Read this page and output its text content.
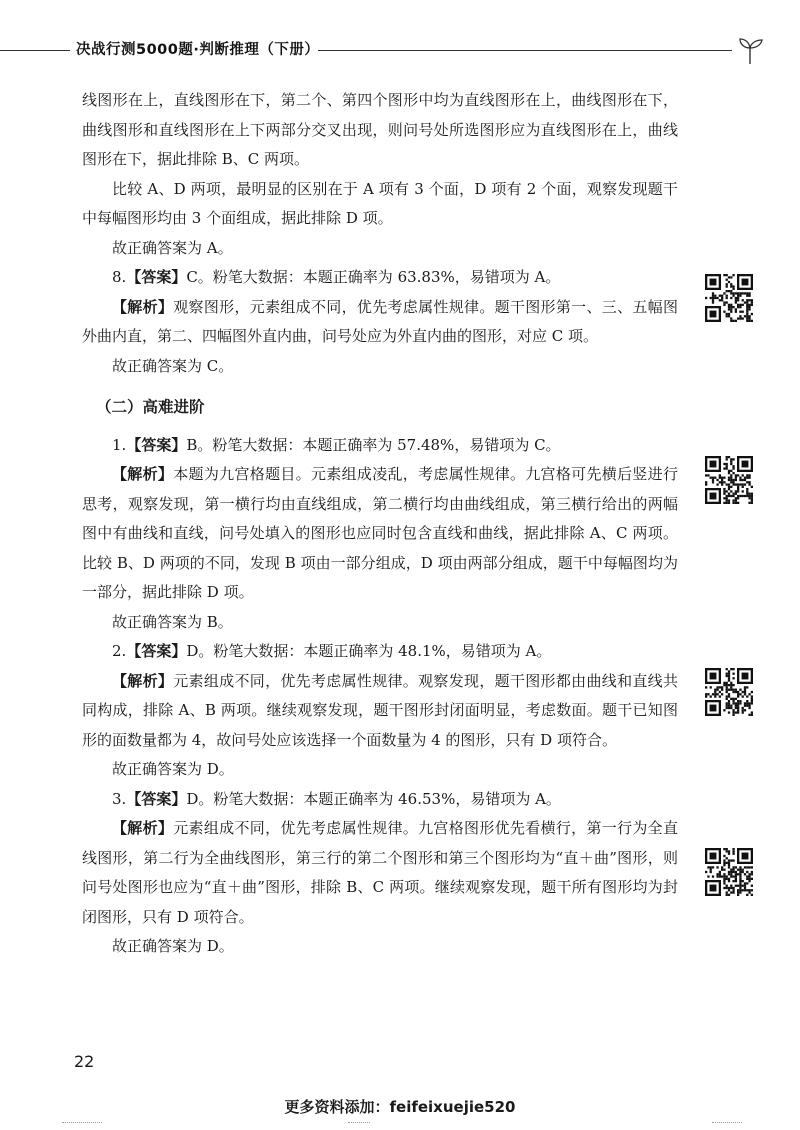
决战行测5000题·判断推理（下册）

线图形在上，直线图形在下，第二个、第四个图形中均为直线图形在上，曲线图形在下，曲线图形和直线图形在上下两部分交叉出现，则问号处所选图形应为直线图形在上，曲线图形在下，据此排除 B、C 两项。

比较 A、D 两项，最明显的区别在于 A 项有 3 个面，D 项有 2 个面，观察发现题干中每幅图形均由 3 个面组成，据此排除 D 项。

故正确答案为 A。

8.【答案】C。粉笔大数据：本题正确率为 63.83%，易错项为 A。

【解析】观察图形，元素组成不同，优先考虑属性规律。题干图形第一、三、五幅图外曲内直，第二、四幅图外直内曲，问号处应为外直内曲的图形，对应 C 项。

故正确答案为 C。

（二）高难进阶

1.【答案】B。粉笔大数据：本题正确率为 57.48%，易错项为 C。

【解析】本题为九宫格题目。元素组成凌乱，考虑属性规律。九宫格可先横后竖进行思考，观察发现，第一横行均由直线组成，第二横行均由曲线组成，第三横行给出的两幅图中有曲线和直线，问号处填入的图形也应同时包含直线和曲线，据此排除 A、C 两项。比较 B、D 两项的不同，发现 B 项由一部分组成，D 项由两部分组成，题干中每幅图均为一部分，据此排除 D 项。

故正确答案为 B。

2.【答案】D。粉笔大数据：本题正确率为 48.1%，易错项为 A。

【解析】元素组成不同，优先考虑属性规律。观察发现，题干图形都由曲线和直线共同构成，排除 A、B 两项。继续观察发现，题干图形封闭面明显，考虑数面。题干已知图形的面数量都为 4，故问号处应该选择一个面数量为 4 的图形，只有 D 项符合。

故正确答案为 D。

3.【答案】D。粉笔大数据：本题正确率为 46.53%，易错项为 A。

【解析】元素组成不同，优先考虑属性规律。九宫格图形优先看横行，第一行为全直线图形，第二行为全曲线图形，第三行的第二个图形和第三个图形均为“直＋曲”图形，则问号处图形也应为“直＋曲”图形，排除 B、C 两项。继续观察发现，题干所有图形均为封闭图形，只有 D 项符合。

故正确答案为 D。

22
更多资料添加：feifeixuejie520
